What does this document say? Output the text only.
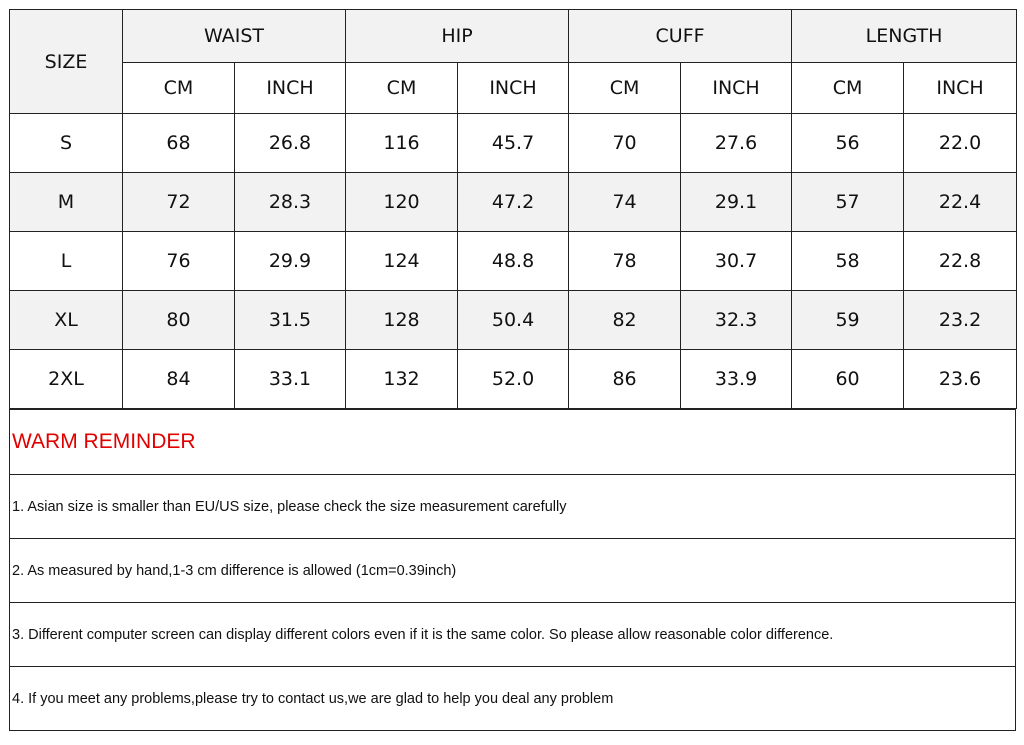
SIZE	WAIST		HIP		CUFF		LENGTH	
	CM	INCH	CM	INCH	CM	INCH	CM	INCH
S	68	26.8	116	45.7	70	27.6	56	22.0
M	72	28.3	120	47.2	74	29.1	57	22.4
L	76	29.9	124	48.8	78	30.7	58	22.8
XL	80	31.5	128	50.4	82	32.3	59	23.2
2XL	84	33.1	132	52.0	86	33.9	60	23.6
WARM REMINDER
1. Asian size is smaller than EU/US size, please check the size measurement carefully
2. As measured by hand,1-3 cm difference is allowed (1cm=0.39inch)
3. Different computer screen can display different colors even if it is the same color. So please allow reasonable color difference.
4. If you meet any problems,please try to contact us,we are glad to help you deal any problem
